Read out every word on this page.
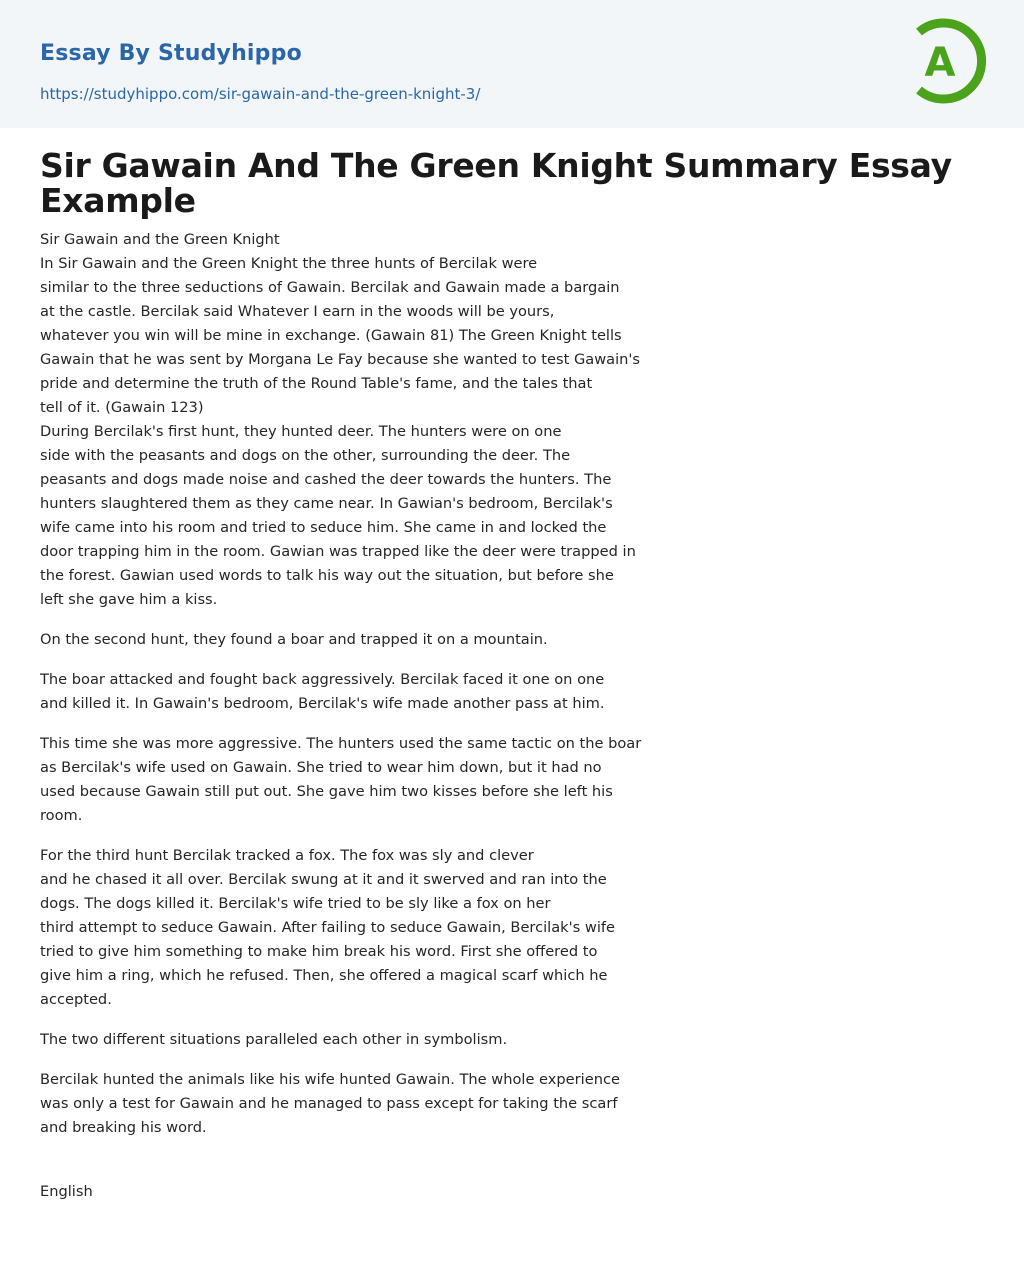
Essay By Studyhippo
https://studyhippo.com/sir-gawain-and-the-green-knight-3/
A
Sir Gawain And The Green Knight Summary Essay Example

Sir Gawain and the Green Knight
In Sir Gawain and the Green Knight the three hunts of Bercilak were
similar to the three seductions of Gawain. Bercilak and Gawain made a bargain
at the castle. Bercilak said Whatever I earn in the woods will be yours,
whatever you win will be mine in exchange. (Gawain 81) The Green Knight tells
Gawain that he was sent by Morgana Le Fay because she wanted to test Gawain's
pride and determine the truth of the Round Table's fame, and the tales that
tell of it. (Gawain 123)
During Bercilak's first hunt, they hunted deer. The hunters were on one
side with the peasants and dogs on the other, surrounding the deer. The
peasants and dogs made noise and cashed the deer towards the hunters. The
hunters slaughtered them as they came near. In Gawian's bedroom, Bercilak's
wife came into his room and tried to seduce him. She came in and locked the
door trapping him in the room. Gawian was trapped like the deer were trapped in
the forest. Gawian used words to talk his way out the situation, but before she
left she gave him a kiss.

On the second hunt, they found a boar and trapped it on a mountain.

The boar attacked and fought back aggressively. Bercilak faced it one on one
and killed it. In Gawain's bedroom, Bercilak's wife made another pass at him.

This time she was more aggressive. The hunters used the same tactic on the boar
as Bercilak's wife used on Gawain. She tried to wear him down, but it had no
used because Gawain still put out. She gave him two kisses before she left his
room.

For the third hunt Bercilak tracked a fox. The fox was sly and clever
and he chased it all over. Bercilak swung at it and it swerved and ran into the
dogs. The dogs killed it. Bercilak's wife tried to be sly like a fox on her
third attempt to seduce Gawain. After failing to seduce Gawain, Bercilak's wife
tried to give him something to make him break his word. First she offered to
give him a ring, which he refused. Then, she offered a magical scarf which he
accepted.

The two different situations paralleled each other in symbolism.

Bercilak hunted the animals like his wife hunted Gawain. The whole experience
was only a test for Gawain and he managed to pass except for taking the scarf
and breaking his word.

English
